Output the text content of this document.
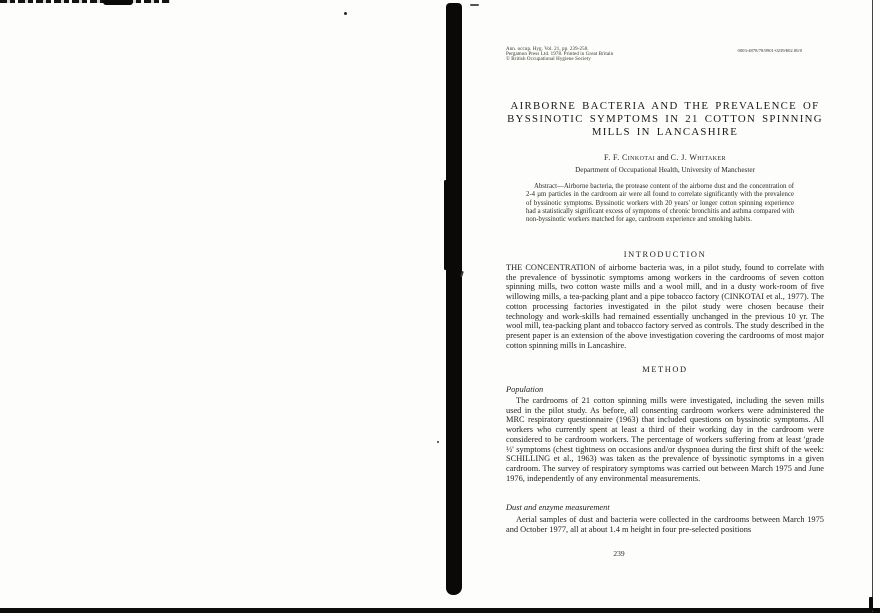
Ann. occup. Hyg. Vol. 21, pp. 239-250.
Pergamon Press Ltd. 1978. Printed in Great Britain
© British Occupational Hygiene Society
0003-4878/78/0901-0239/$02.00/0
AIRBORNE BACTERIA AND THE PREVALENCE OF
BYSSINOTIC SYMPTOMS IN 21 COTTON SPINNING
MILLS IN LANCASHIRE
F. F. Cinkotai and C. J. Whitaker
Department of Occupational Health, University of Manchester
Abstract—Airborne bacteria, the protease content of the airborne dust and the concentration of 2-4 µm particles in the cardroom air were all found to correlate significantly with the prevalence of byssinotic symptoms. Byssinotic workers with 20 years' or longer cotton spinning experience had a statistically significant excess of symptoms of chronic bronchitis and asthma compared with non-byssinotic workers matched for age, cardroom experience and smoking habits.
INTRODUCTION
THE CONCENTRATION of airborne bacteria was, in a pilot study, found to correlate with the prevalence of byssinotic symptoms among workers in the cardrooms of seven cotton spinning mills, two cotton waste mills and a wool mill, and in a dusty work-room of five willowing mills, a tea-packing plant and a pipe tobacco factory (CINKOTAI et al., 1977). The cotton processing factories investigated in the pilot study were chosen because their technology and work-skills had remained essentially unchanged in the previous 10 yr. The wool mill, tea-packing plant and tobacco factory served as controls. The study described in the present paper is an extension of the above investigation covering the cardrooms of most major cotton spinning mills in Lancashire.
METHOD
Population
The cardrooms of 21 cotton spinning mills were investigated, including the seven mills used in the pilot study. As before, all consenting cardroom workers were administered the MRC respiratory questionnaire (1963) that included questions on byssinotic symptoms. All workers who currently spent at least a third of their working day in the cardroom were considered to be cardroom workers. The percentage of workers suffering from at least 'grade ½' symptoms (chest tightness on occasions and/or dyspnoea during the first shift of the week: SCHILLING et al., 1963) was taken as the prevalence of byssinotic symptoms in a given cardroom. The survey of respiratory symptoms was carried out between March 1975 and June 1976, independently of any environmental measurements.
Dust and enzyme measurement
Aerial samples of dust and bacteria were collected in the cardrooms between March 1975 and October 1977, all at about 1.4 m height in four pre-selected positions
239
